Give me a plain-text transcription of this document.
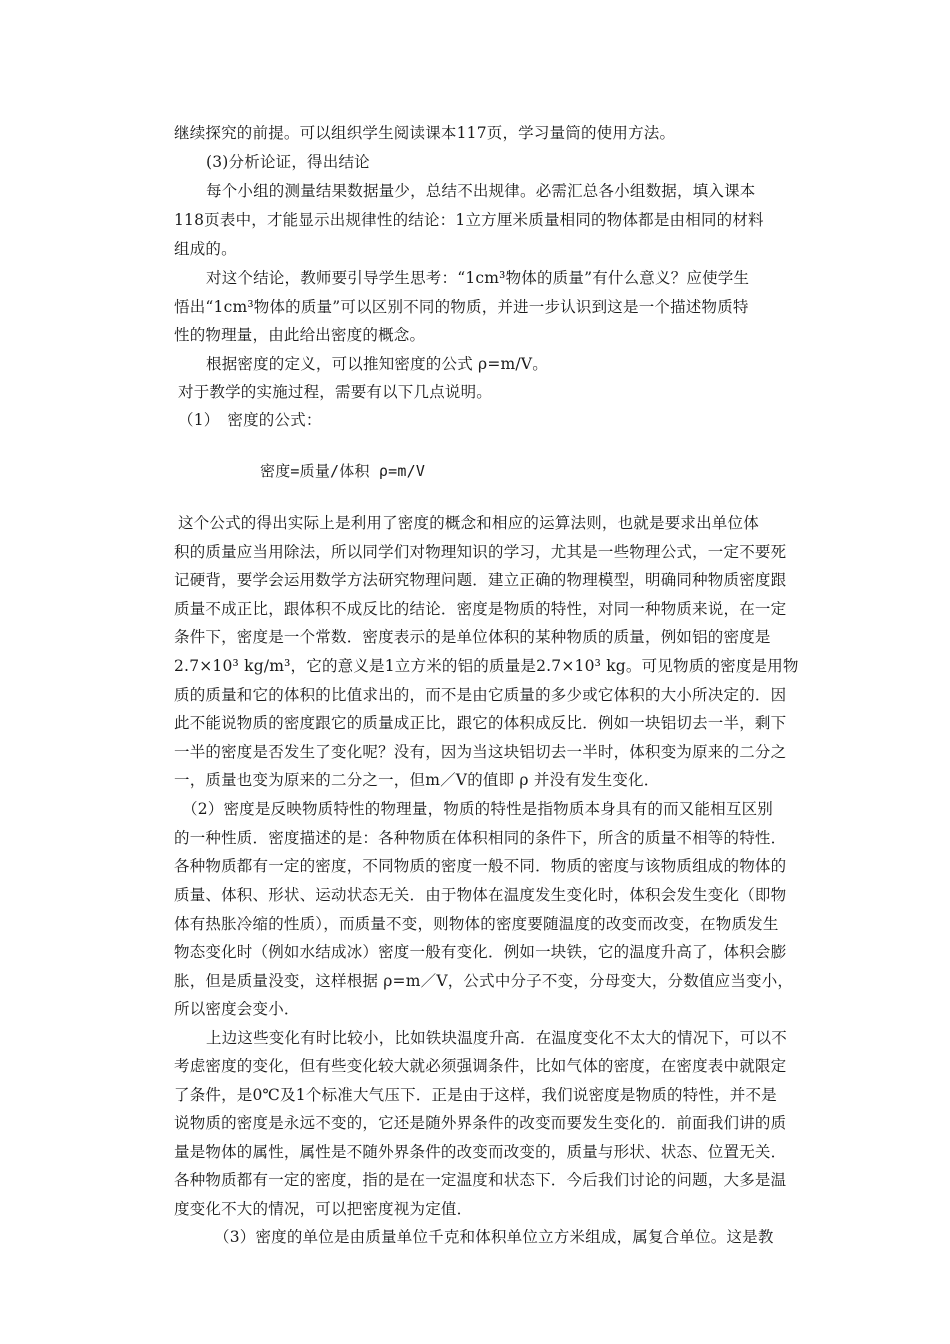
继续探究的前提。可以组织学生阅读课本117页，学习量筒的使用方法。
(3)分析论证，得出结论
每个小组的测量结果数据量少，总结不出规律。必需汇总各小组数据，填入课本
118页表中，才能显示出规律性的结论：1立方厘米质量相同的物体都是由相同的材料
组成的。
对这个结论，教师要引导学生思考：“1cm³物体的质量”有什么意义？应使学生
悟出“1cm³物体的质量”可以区别不同的物质，并进一步认识到这是一个描述物质特
性的物理量，由此给出密度的概念。
根据密度的定义，可以推知密度的公式 ρ=m/V。
对于教学的实施过程，需要有以下几点说明。
（1）　密度的公式：
密度=质量/体积 ρ=m/V
这个公式的得出实际上是利用了密度的概念和相应的运算法则，也就是要求出单位体
积的质量应当用除法，所以同学们对物理知识的学习，尤其是一些物理公式，一定不要死
记硬背，要学会运用数学方法研究物理问题．建立正确的物理模型，明确同种物质密度跟
质量不成正比，跟体积不成反比的结论．密度是物质的特性，对同一种物质来说，在一定
条件下，密度是一个常数．密度表示的是单位体积的某种物质的质量，例如铝的密度是
2.7×10³ kg/m³，它的意义是1立方米的铝的质量是2.7×10³ kg。可见物质的密度是用物
质的质量和它的体积的比值求出的，而不是由它质量的多少或它体积的大小所决定的．因
此不能说物质的密度跟它的质量成正比，跟它的体积成反比．例如一块铝切去一半，剩下
一半的密度是否发生了变化呢？没有，因为当这块铝切去一半时，体积变为原来的二分之
一，质量也变为原来的二分之一，但m／V的值即 ρ 并没有发生变化．
（2）密度是反映物质特性的物理量，物质的特性是指物质本身具有的而又能相互区别
的一种性质．密度描述的是：各种物质在体积相同的条件下，所含的质量不相等的特性．
各种物质都有一定的密度，不同物质的密度一般不同．物质的密度与该物质组成的物体的
质量、体积、形状、运动状态无关．由于物体在温度发生变化时，体积会发生变化（即物
体有热胀冷缩的性质），而质量不变，则物体的密度要随温度的改变而改变，在物质发生
物态变化时（例如水结成冰）密度一般有变化．例如一块铁，它的温度升高了，体积会膨
胀，但是质量没变，这样根据 ρ=m／V，公式中分子不变，分母变大，分数值应当变小，
所以密度会变小．
上边这些变化有时比较小，比如铁块温度升高．在温度变化不太大的情况下，可以不
考虑密度的变化，但有些变化较大就必须强调条件，比如气体的密度，在密度表中就限定
了条件，是0℃及1个标准大气压下．正是由于这样，我们说密度是物质的特性，并不是
说物质的密度是永远不变的，它还是随外界条件的改变而要发生变化的．前面我们讲的质
量是物体的属性，属性是不随外界条件的改变而改变的，质量与形状、状态、位置无关．
各种物质都有一定的密度，指的是在一定温度和状态下．今后我们讨论的问题，大多是温
度变化不大的情况，可以把密度视为定值．
（3）密度的单位是由质量单位千克和体积单位立方米组成，属复合单位。这是教
